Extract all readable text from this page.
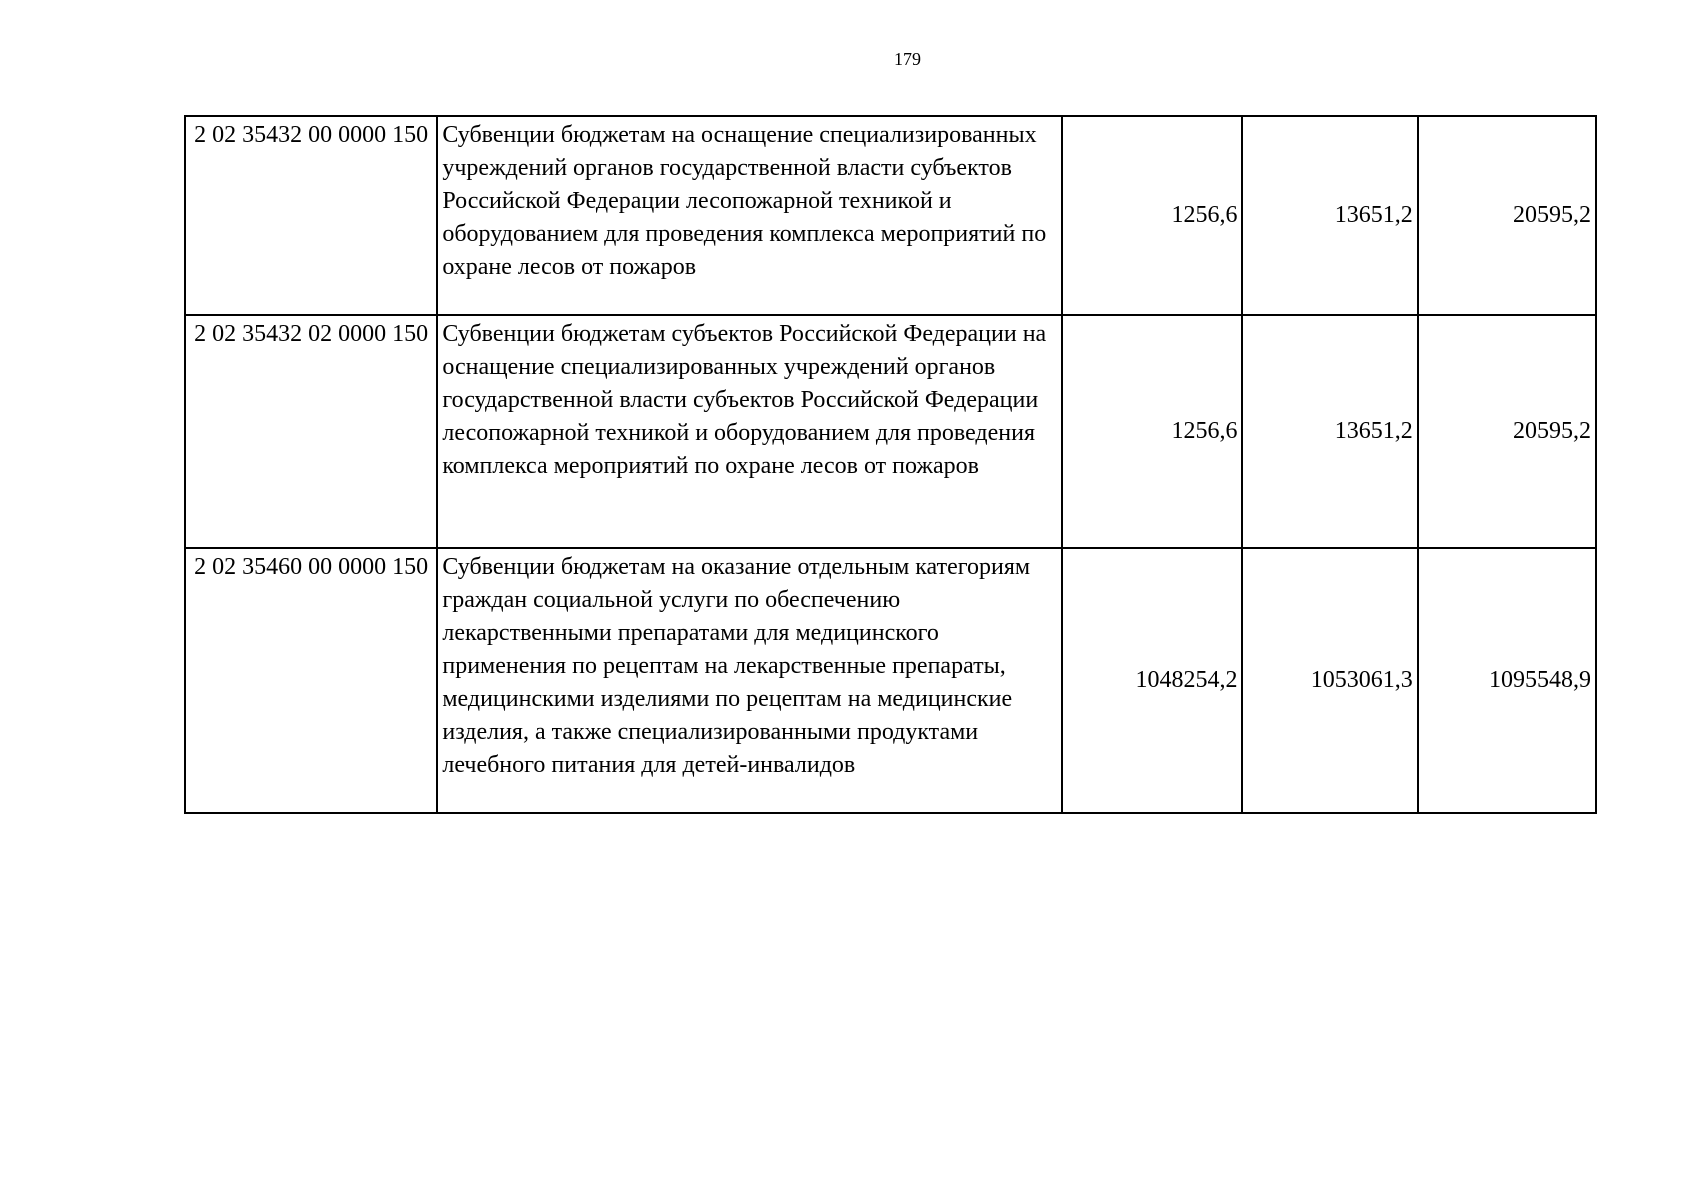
179
2 02 35432 00 0000 150	Субвенции бюджетам на оснащение специализированных учреждений органов государственной власти субъектов Российской Федерации лесопожарной техникой и оборудованием для проведения комплекса мероприятий по охране лесов от пожаров	1256,6	13651,2	20595,2
2 02 35432 02 0000 150	Субвенции бюджетам субъектов Российской Федерации на оснащение специализированных учреждений органов государственной власти субъектов Российской Федерации лесопожарной техникой и оборудованием для проведения комплекса мероприятий по охране лесов от пожаров	1256,6	13651,2	20595,2
2 02 35460 00 0000 150	Субвенции бюджетам на оказание отдельным категориям граждан социальной услуги по обеспечению лекарственными препаратами для медицинского применения по рецептам на лекарственные препараты, медицинскими изделиями по рецептам на медицинские изделия, а также специализированными продуктами лечебного питания для детей-инвалидов	1048254,2	1053061,3	1095548,9
